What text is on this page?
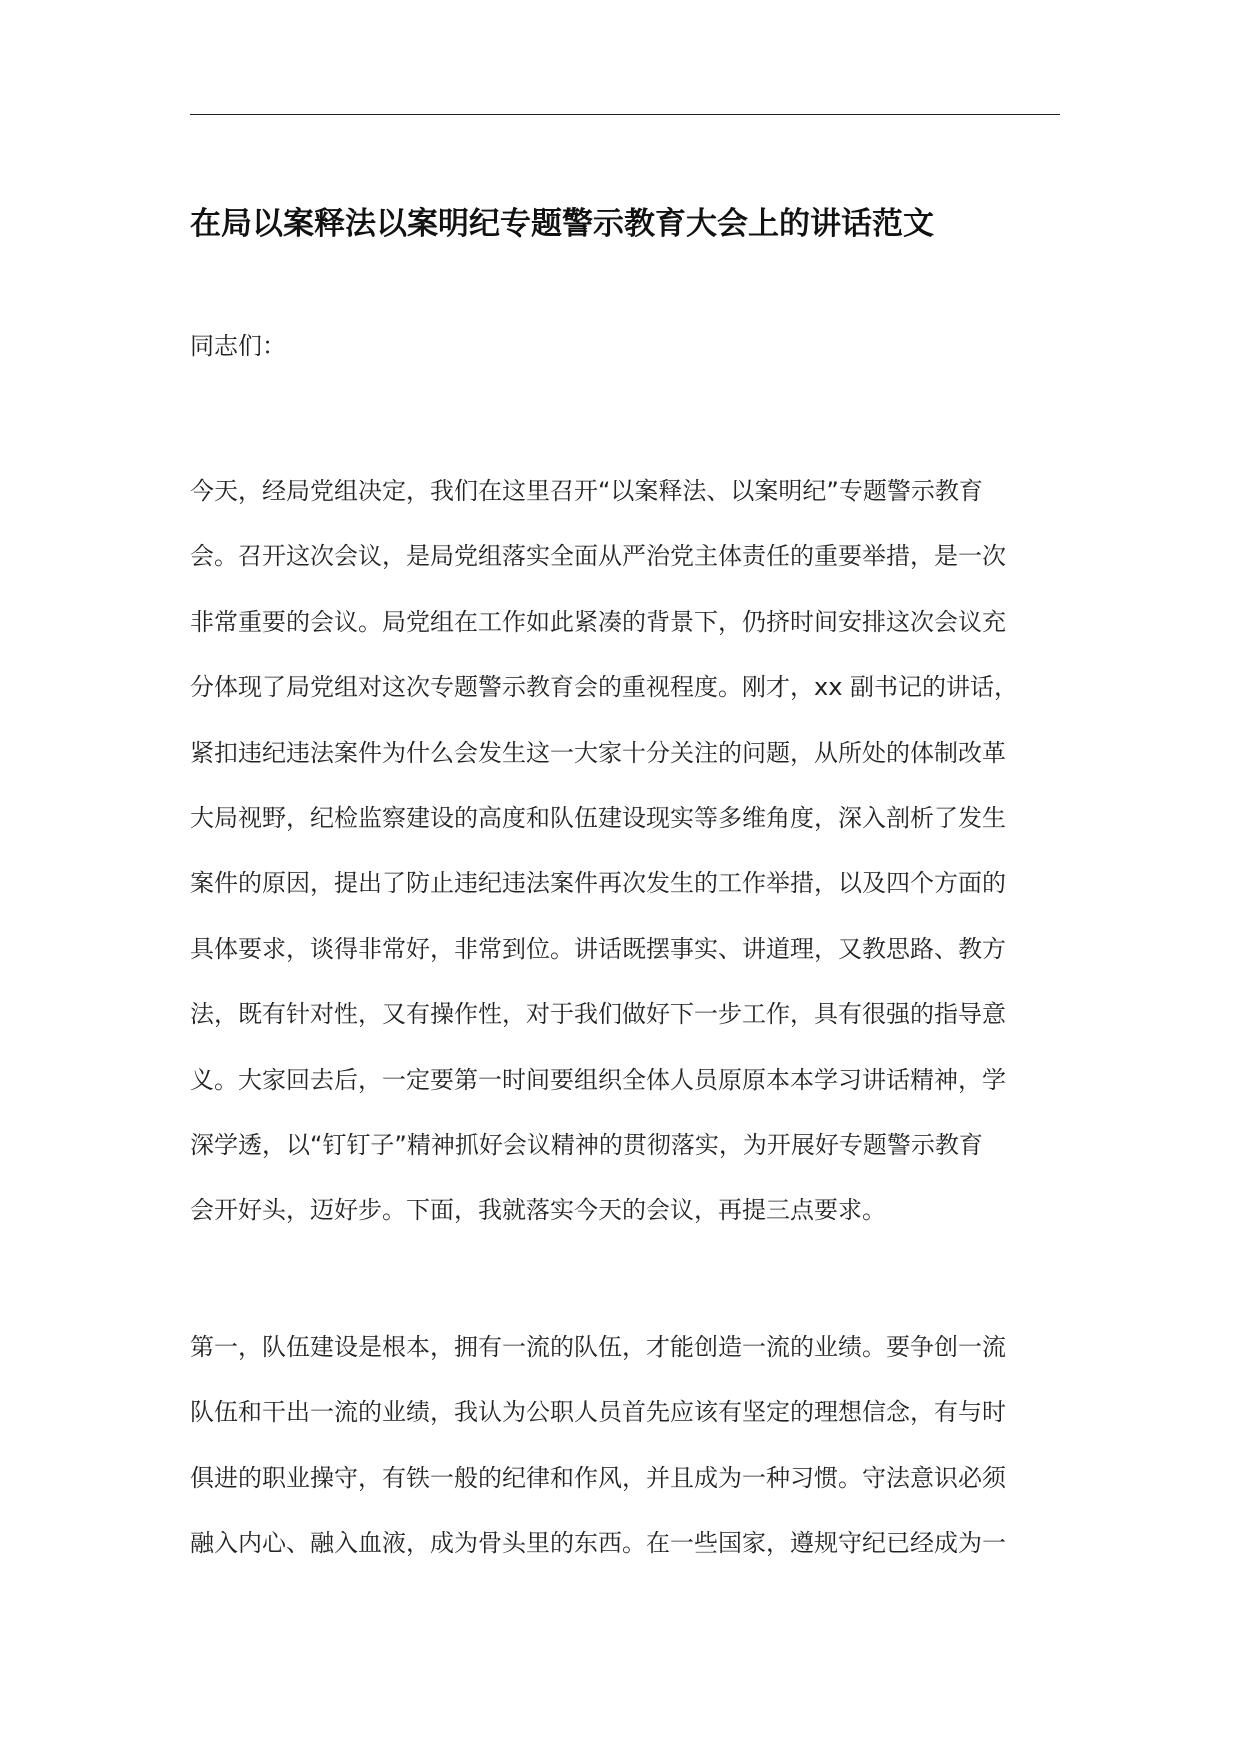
在局以案释法以案明纪专题警示教育大会上的讲话范文

同志们：

今天，经局党组决定，我们在这里召开“以案释法、以案明纪”专题警示教育
会。召开这次会议，是局党组落实全面从严治党主体责任的重要举措，是一次
非常重要的会议。局党组在工作如此紧凑的背景下，仍挤时间安排这次会议充
分体现了局党组对这次专题警示教育会的重视程度。刚才，xx 副书记的讲话，
紧扣违纪违法案件为什么会发生这一大家十分关注的问题，从所处的体制改革
大局视野，纪检监察建设的高度和队伍建设现实等多维角度，深入剖析了发生
案件的原因，提出了防止违纪违法案件再次发生的工作举措，以及四个方面的
具体要求，谈得非常好，非常到位。讲话既摆事实、讲道理，又教思路、教方
法，既有针对性，又有操作性，对于我们做好下一步工作，具有很强的指导意
义。大家回去后，一定要第一时间要组织全体人员原原本本学习讲话精神，学
深学透，以“钉钉子”精神抓好会议精神的贯彻落实，为开展好专题警示教育
会开好头，迈好步。下面，我就落实今天的会议，再提三点要求。
第一，队伍建设是根本，拥有一流的队伍，才能创造一流的业绩。要争创一流
队伍和干出一流的业绩，我认为公职人员首先应该有坚定的理想信念，有与时
俱进的职业操守，有铁一般的纪律和作风，并且成为一种习惯。守法意识必须
融入内心、融入血液，成为骨头里的东西。在一些国家，遵规守纪已经成为一
